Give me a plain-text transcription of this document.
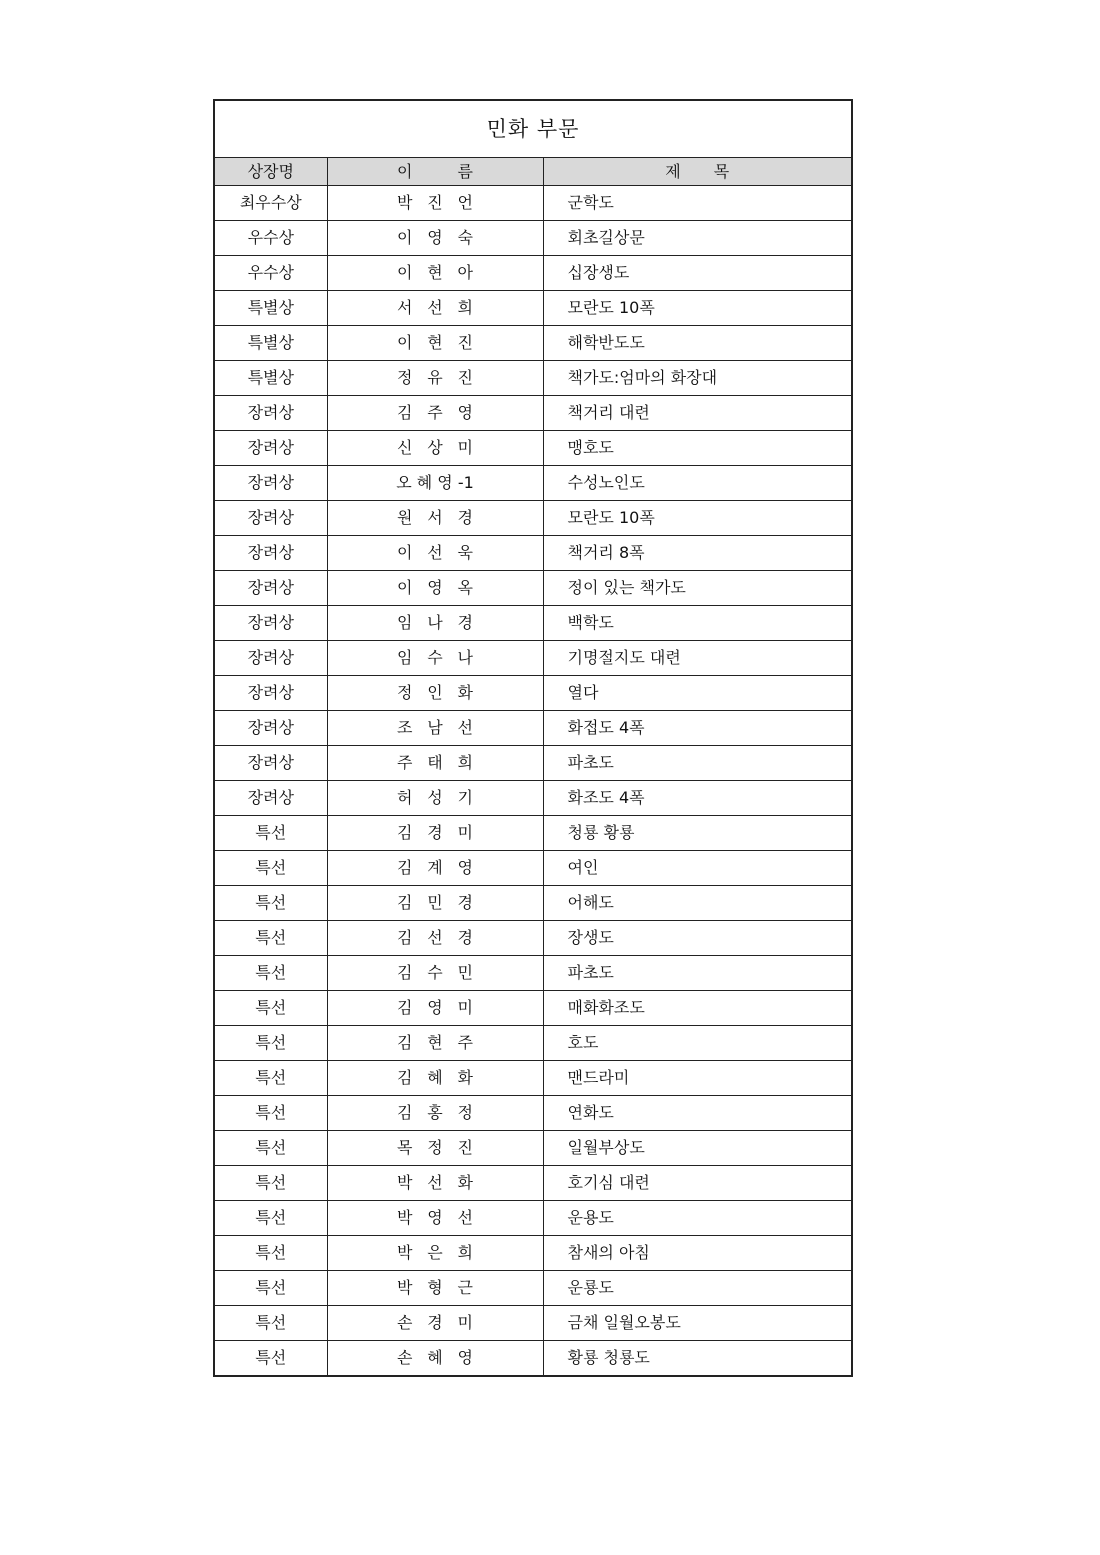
민화 부문		
상장명	이 름	제 목

최우수상	박 진 언	군학도
우수상	이 영 숙	회초길상문
우수상	이 현 아	십장생도
특별상	서 선 희	모란도 10폭
특별상	이 현 진	해학반도도
특별상	정 유 진	책가도:엄마의 화장대
장려상	김 주 영	책거리 대련
장려상	신 상 미	맹호도
장려상	오 혜 영 -1	수성노인도
장려상	원 서 경	모란도 10폭
장려상	이 선 욱	책거리 8폭
장려상	이 영 옥	정이 있는 책가도
장려상	임 나 경	백학도
장려상	임 수 나	기명절지도 대련
장려상	정 인 화	열다
장려상	조 남 선	화접도 4폭
장려상	주 태 희	파초도
장려상	허 성 기	화조도 4폭
특선	김 경 미	청룡 황룡
특선	김 계 영	여인
특선	김 민 경	어해도
특선	김 선 경	장생도
특선	김 수 민	파초도
특선	김 영 미	매화화조도
특선	김 현 주	호도
특선	김 혜 화	맨드라미
특선	김 홍 정	연화도
특선	목 정 진	일월부상도
특선	박 선 화	호기심 대련
특선	박 영 선	운용도
특선	박 은 희	참새의 아침
특선	박 형 근	운룡도
특선	손 경 미	금채 일월오봉도
특선	손 혜 영	황룡 청룡도
